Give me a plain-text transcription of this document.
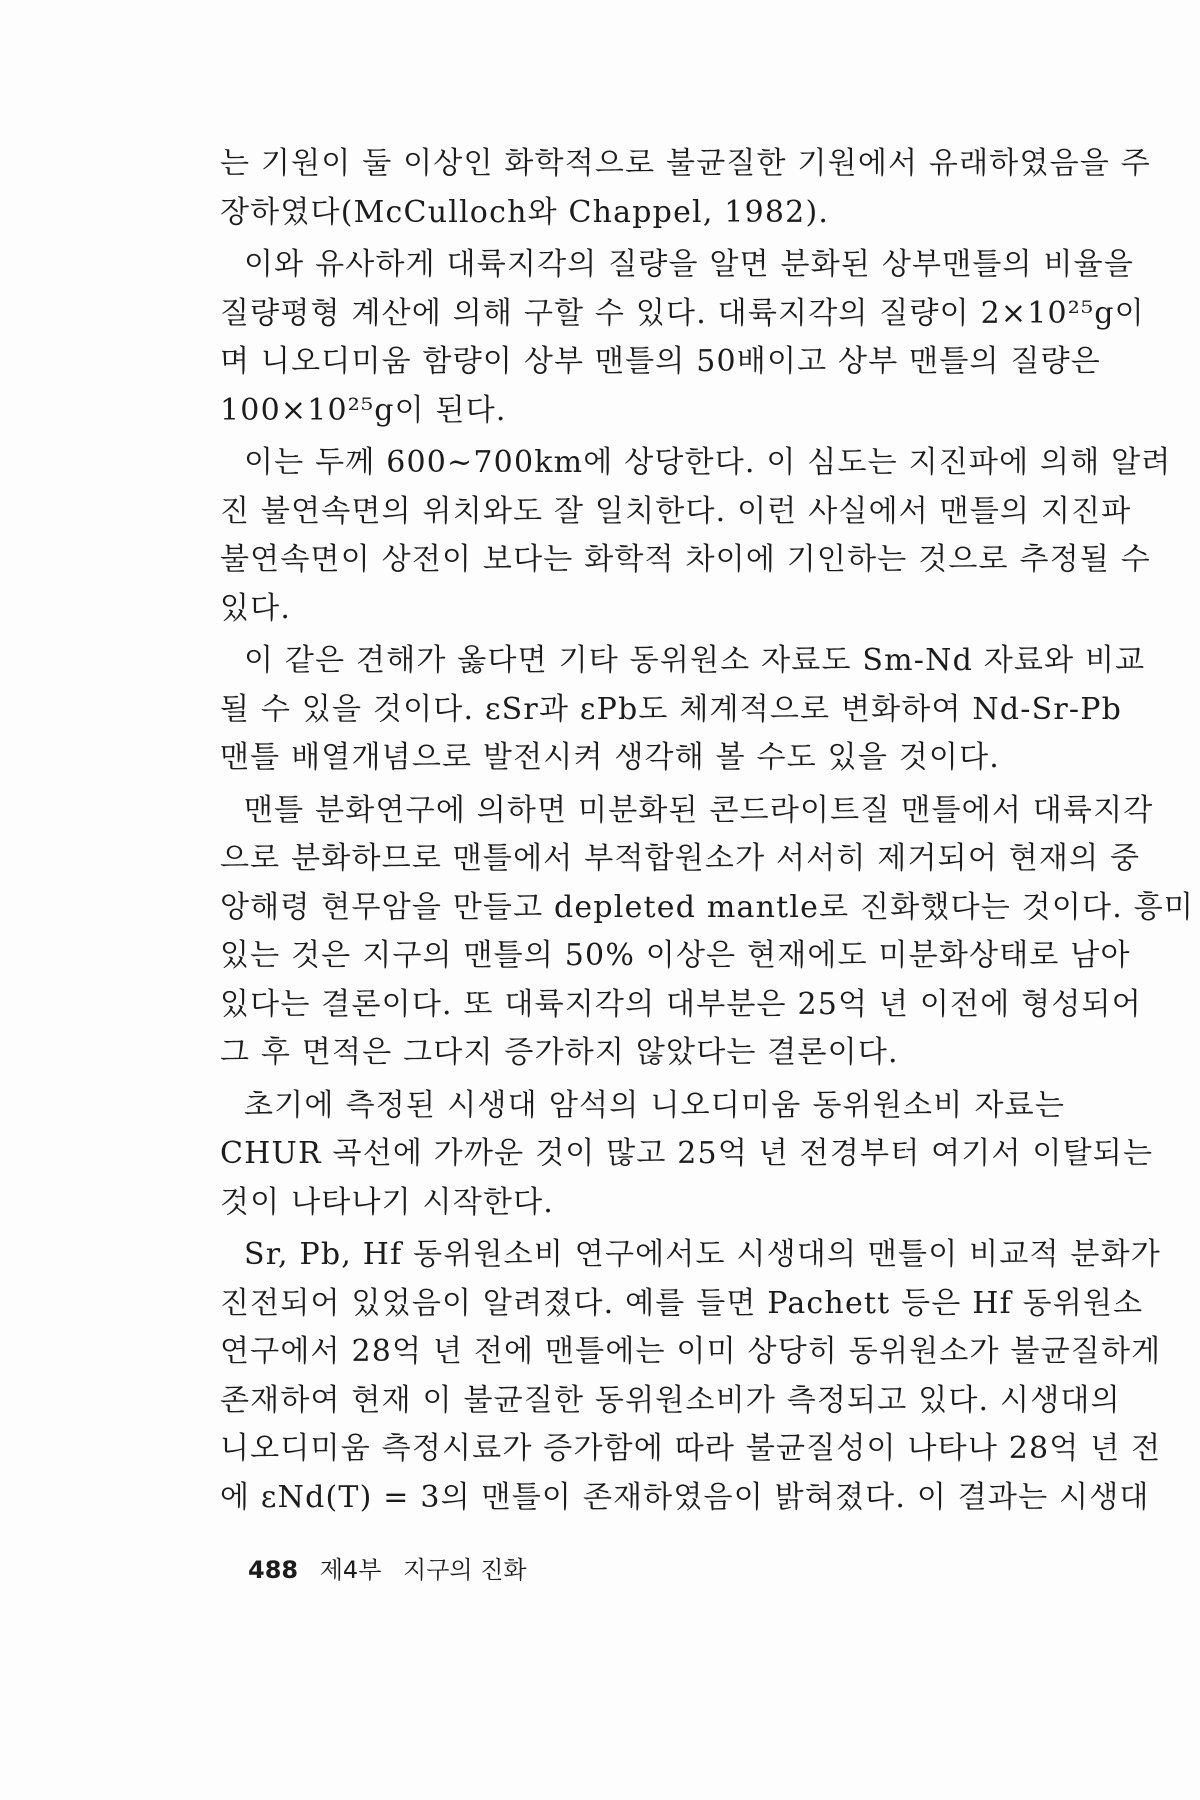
는 기원이 둘 이상인 화학적으로 불균질한 기원에서 유래하였음을 주
장하였다(McCulloch와 Chappel, 1982).
이와 유사하게 대륙지각의 질량을 알면 분화된 상부맨틀의 비율을
질량평형 계산에 의해 구할 수 있다. 대륙지각의 질량이 2×10²⁵g이
며 니오디미움 함량이 상부 맨틀의 50배이고 상부 맨틀의 질량은
100×10²⁵g이 된다.
이는 두께 600~700km에 상당한다. 이 심도는 지진파에 의해 알려
진 불연속면의 위치와도 잘 일치한다. 이런 사실에서 맨틀의 지진파
불연속면이 상전이 보다는 화학적 차이에 기인하는 것으로 추정될 수
있다.
이 같은 견해가 옳다면 기타 동위원소 자료도 Sm-Nd 자료와 비교
될 수 있을 것이다. εSr과 εPb도 체계적으로 변화하여 Nd-Sr-Pb
맨틀 배열개념으로 발전시켜 생각해 볼 수도 있을 것이다.
맨틀 분화연구에 의하면 미분화된 콘드라이트질 맨틀에서 대륙지각
으로 분화하므로 맨틀에서 부적합원소가 서서히 제거되어 현재의 중
앙해령 현무암을 만들고 depleted mantle로 진화했다는 것이다. 흥미
있는 것은 지구의 맨틀의 50% 이상은 현재에도 미분화상태로 남아
있다는 결론이다. 또 대륙지각의 대부분은 25억 년 이전에 형성되어
그 후 면적은 그다지 증가하지 않았다는 결론이다.
초기에 측정된 시생대 암석의 니오디미움 동위원소비 자료는
CHUR 곡선에 가까운 것이 많고 25억 년 전경부터 여기서 이탈되는
것이 나타나기 시작한다.
Sr, Pb, Hf 동위원소비 연구에서도 시생대의 맨틀이 비교적 분화가
진전되어 있었음이 알려졌다. 예를 들면 Pachett 등은 Hf 동위원소
연구에서 28억 년 전에 맨틀에는 이미 상당히 동위원소가 불균질하게
존재하여 현재 이 불균질한 동위원소비가 측정되고 있다. 시생대의
니오디미움 측정시료가 증가함에 따라 불균질성이 나타나 28억 년 전
에 εNd(T) = 3의 맨틀이 존재하였음이 밝혀졌다. 이 결과는 시생대
488 제4부 지구의 진화
